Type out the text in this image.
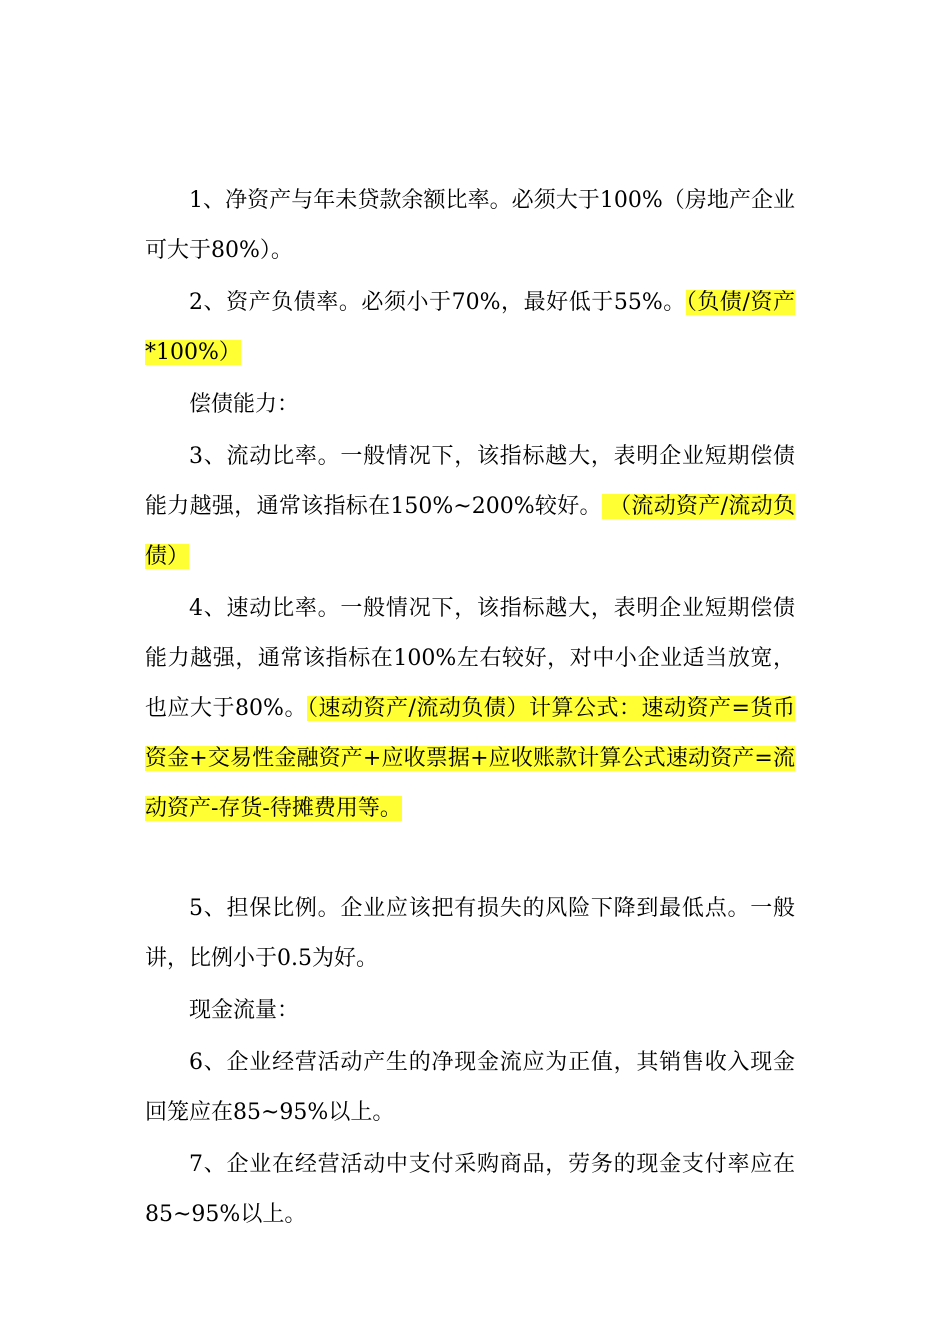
1、净资产与年未贷款余额比率。必须大于100%（房地产企业可大于80%）。

2、资产负债率。必须小于70%，最好低于55%。（负债/资产*100%）

偿债能力：

3、流动比率。一般情况下，该指标越大，表明企业短期偿债能力越强，通常该指标在150%~200%较好。 （流动资产/流动负债）

4、速动比率。一般情况下，该指标越大，表明企业短期偿债能力越强，通常该指标在100%左右较好，对中小企业适当放宽，也应大于80%。（速动资产/流动负债）计算公式：速动资产=货币资金+交易性金融资产+应收票据+应收账款计算公式速动资产=流动资产-存货-待摊费用等。

5、担保比例。企业应该把有损失的风险下降到最低点。一般讲，比例小于0.5为好。

现金流量：

6、企业经营活动产生的净现金流应为正值，其销售收入现金回笼应在85~95%以上。

7、企业在经营活动中支付采购商品，劳务的现金支付率应在85~95%以上。
